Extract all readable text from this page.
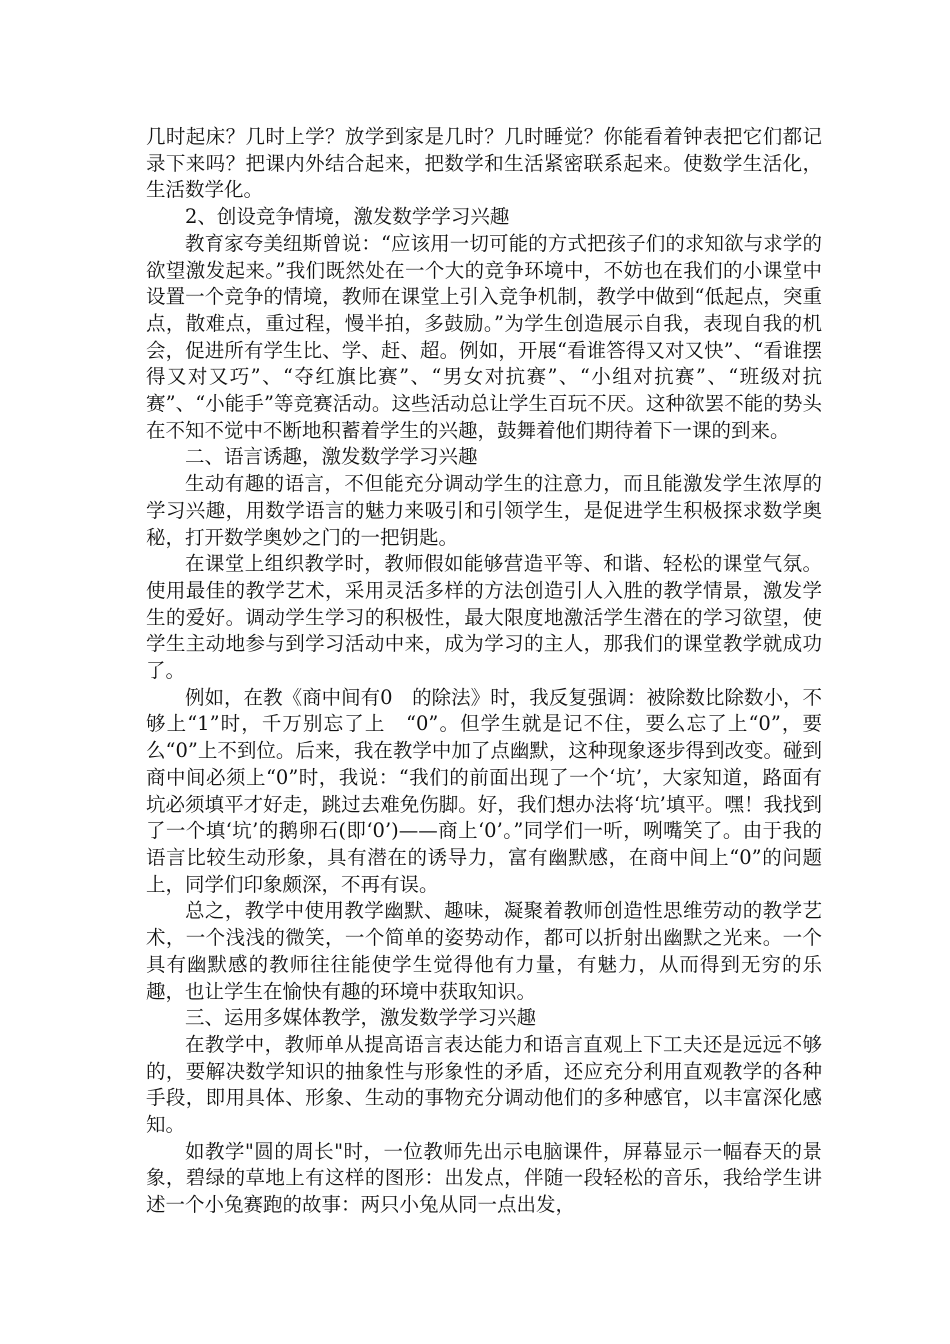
几时起床？几时上学？放学到家是几时？几时睡觉？你能看着钟表把它们都记录下来吗？把课内外结合起来，把数学和生活紧密联系起来。使数学生活化，生活数学化。

2、创设竞争情境，激发数学学习兴趣

教育家夸美纽斯曾说：“应该用一切可能的方式把孩子们的求知欲与求学的欲望激发起来。”我们既然处在一个大的竞争环境中，不妨也在我们的小课堂中设置一个竞争的情境，教师在课堂上引入竞争机制，教学中做到“低起点，突重点，散难点，重过程，慢半拍，多鼓励。”为学生创造展示自我，表现自我的机会，促进所有学生比、学、赶、超。例如，开展“看谁答得又对又快”、“看谁摆得又对又巧”、“夺红旗比赛”、“男女对抗赛”、“小组对抗赛”、“班级对抗赛”、“小能手”等竞赛活动。这些活动总让学生百玩不厌。这种欲罢不能的势头在不知不觉中不断地积蓄着学生的兴趣，鼓舞着他们期待着下一课的到来。

二、语言诱趣，激发数学学习兴趣

生动有趣的语言，不但能充分调动学生的注意力，而且能激发学生浓厚的学习兴趣，用数学语言的魅力来吸引和引领学生，是促进学生积极探求数学奥秘，打开数学奥妙之门的一把钥匙。

在课堂上组织教学时，教师假如能够营造平等、和谐、轻松的课堂气氛。使用最佳的教学艺术，采用灵活多样的方法创造引人入胜的教学情景，激发学生的爱好。调动学生学习的积极性，最大限度地激活学生潜在的学习欲望，使学生主动地参与到学习活动中来，成为学习的主人，那我们的课堂教学就成功了。

例如，在教《商中间有0　的除法》时，我反复强调：被除数比除数小，不够上“1”时，千万别忘了上　“0”。但学生就是记不住，要么忘了上“0”，要么“0”上不到位。后来，我在教学中加了点幽默，这种现象逐步得到改变。碰到商中间必须上“0”时，我说：“我们的前面出现了一个‘坑’，大家知道，路面有坑必须填平才好走，跳过去难免伤脚。好，我们想办法将‘坑’填平。嘿！我找到了一个填‘坑’的鹅卵石(即‘0’)——商上‘0’。”同学们一听，咧嘴笑了。由于我的语言比较生动形象，具有潜在的诱导力，富有幽默感，在商中间上“0”的问题上，同学们印象颇深，不再有误。

总之，教学中使用教学幽默、趣味，凝聚着教师创造性思维劳动的教学艺术，一个浅浅的微笑，一个简单的姿势动作，都可以折射出幽默之光来。一个具有幽默感的教师往往能使学生觉得他有力量，有魅力，从而得到无穷的乐趣，也让学生在愉快有趣的环境中获取知识。

三、运用多媒体教学，激发数学学习兴趣

在教学中，教师单从提高语言表达能力和语言直观上下工夫还是远远不够的，要解决数学知识的抽象性与形象性的矛盾，还应充分利用直观教学的各种手段，即用具体、形象、生动的事物充分调动他们的多种感官，以丰富深化感知。

如教学"圆的周长"时，一位教师先出示电脑课件，屏幕显示一幅春天的景象，碧绿的草地上有这样的图形：出发点，伴随一段轻松的音乐，我给学生讲述一个小兔赛跑的故事：两只小兔从同一点出发，
